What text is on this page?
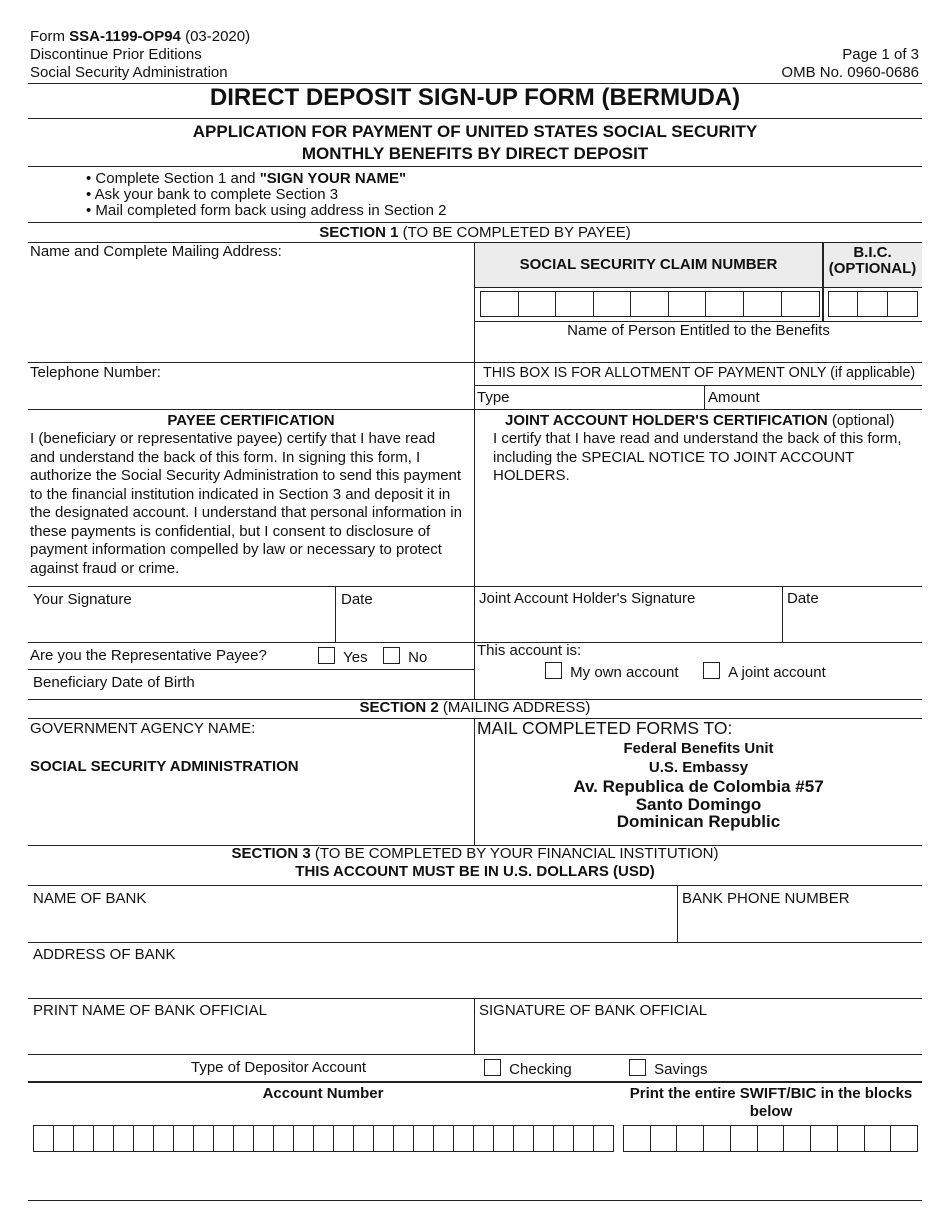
Form SSA-1199-OP94 (03-2020)
Discontinue Prior Editions
Social Security Administration
Page 1 of 3
OMB No. 0960-0686
DIRECT DEPOSIT SIGN-UP FORM (BERMUDA)
APPLICATION FOR PAYMENT OF UNITED STATES SOCIAL SECURITY
MONTHLY BENEFITS BY DIRECT DEPOSIT
• Complete Section 1 and "SIGN YOUR NAME"
• Ask your bank to complete Section 3
• Mail completed form back using address in Section 2
SECTION 1 (TO BE COMPLETED BY PAYEE)
Name and Complete Mailing Address:
SOCIAL SECURITY CLAIM NUMBER
B.I.C.
(OPTIONAL)
Name of Person Entitled to the Benefits
Telephone Number:	THIS BOX IS FOR ALLOTMENT OF PAYMENT ONLY (if applicable)
Type	Amount
PAYEE CERTIFICATION
I (beneficiary or representative payee) certify that I have read
and understand the back of this form. In signing this form, I
authorize the Social Security Administration to send this payment
to the financial institution indicated in Section 3 and deposit it in
the designated account. I understand that personal information in
these payments is confidential, but I consent to disclosure of
payment information compelled by law or necessary to protect
against fraud or crime.
JOINT ACCOUNT HOLDER'S CERTIFICATION (optional)
I certify that I have read and understand the back of this form,
including the SPECIAL NOTICE TO JOINT ACCOUNT
HOLDERS.
Your Signature	Date	Joint Account Holder's Signature	Date
Are you the Representative Payee?	Yes	No	This account is:
My own account	A joint account
Beneficiary Date of Birth
SECTION 2 (MAILING ADDRESS)
GOVERNMENT AGENCY NAME:
SOCIAL SECURITY ADMINISTRATION
MAIL COMPLETED FORMS TO:
Federal Benefits Unit
U.S. Embassy
Av. Republica de Colombia #57
Santo Domingo
Dominican Republic
SECTION 3 (TO BE COMPLETED BY YOUR FINANCIAL INSTITUTION)
THIS ACCOUNT MUST BE IN U.S. DOLLARS (USD)
NAME OF BANK	BANK PHONE NUMBER
ADDRESS OF BANK
PRINT NAME OF BANK OFFICIAL	SIGNATURE OF BANK OFFICIAL
Type of Depositor Account	Checking	Savings
Account Number	Print the entire SWIFT/BIC in the blocks
below
